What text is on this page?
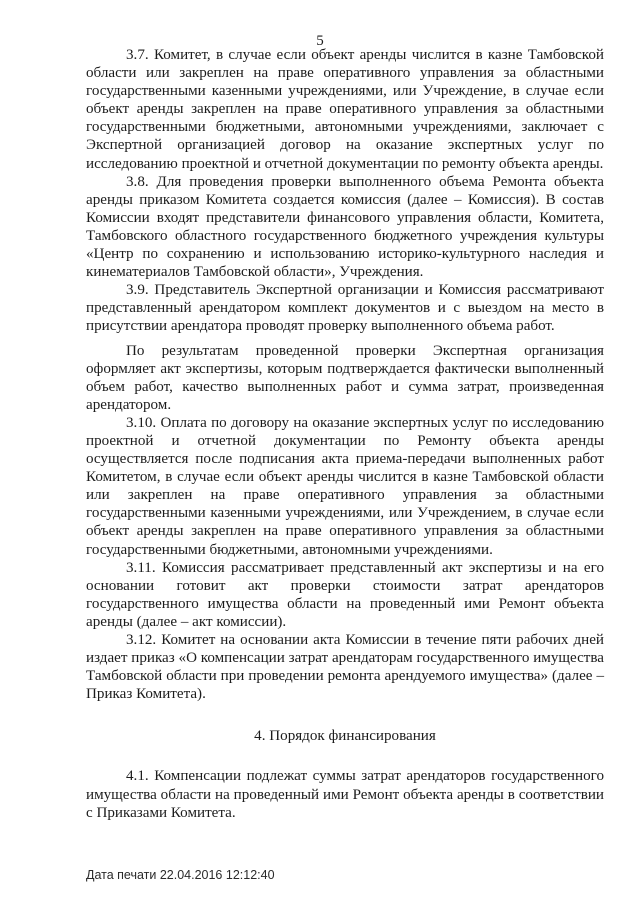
5

3.7. Комитет, в случае если объект аренды числится в казне Тамбовской области или закреплен на праве оперативного управления за областными государственными казенными учреждениями, или Учреждение, в случае если объект аренды закреплен на праве оперативного управления за областными государственными бюджетными, автономными учреждениями, заключает с Экспертной организацией договор на оказание экспертных услуг по исследованию проектной и отчетной документации по ремонту объекта аренды.

3.8. Для проведения проверки выполненного объема Ремонта объекта аренды приказом Комитета создается комиссия (далее – Комиссия). В состав Комиссии входят представители финансового управления области, Комитета, Тамбовского областного государственного бюджетного учреждения культуры «Центр по сохранению и использованию историко-культурного наследия и кинематериалов Тамбовской области», Учреждения.

3.9. Представитель Экспертной организации и Комиссия рассматривают представленный арендатором комплект документов и с выездом на место в присутствии арендатора проводят проверку выполненного объема работ.

По результатам проведенной проверки Экспертная организация оформляет акт экспертизы, которым подтверждается фактически выполненный объем работ, качество выполненных работ и сумма затрат, произведенная арендатором.

3.10. Оплата по договору на оказание экспертных услуг по исследованию проектной и отчетной документации по Ремонту объекта аренды осуществляется после подписания акта приема-передачи выполненных работ Комитетом, в случае если объект аренды числится в казне Тамбовской области или закреплен на праве оперативного управления за областными государственными казенными учреждениями, или Учреждением, в случае если объект аренды закреплен на праве оперативного управления за областными государственными бюджетными, автономными учреждениями.

3.11. Комиссия рассматривает представленный акт экспертизы и на его основании готовит акт проверки стоимости затрат арендаторов государственного имущества области на проведенный ими Ремонт объекта аренды (далее – акт комиссии).

3.12. Комитет на основании акта Комиссии в течение пяти рабочих дней издает приказ «О компенсации затрат арендаторам государственного имущества Тамбовской области при проведении ремонта арендуемого имущества» (далее – Приказ Комитета).

4. Порядок финансирования

4.1. Компенсации подлежат суммы затрат арендаторов государственного имущества области на проведенный ими Ремонт объекта аренды в соответствии с Приказами Комитета.

Дата печати 22.04.2016 12:12:40
